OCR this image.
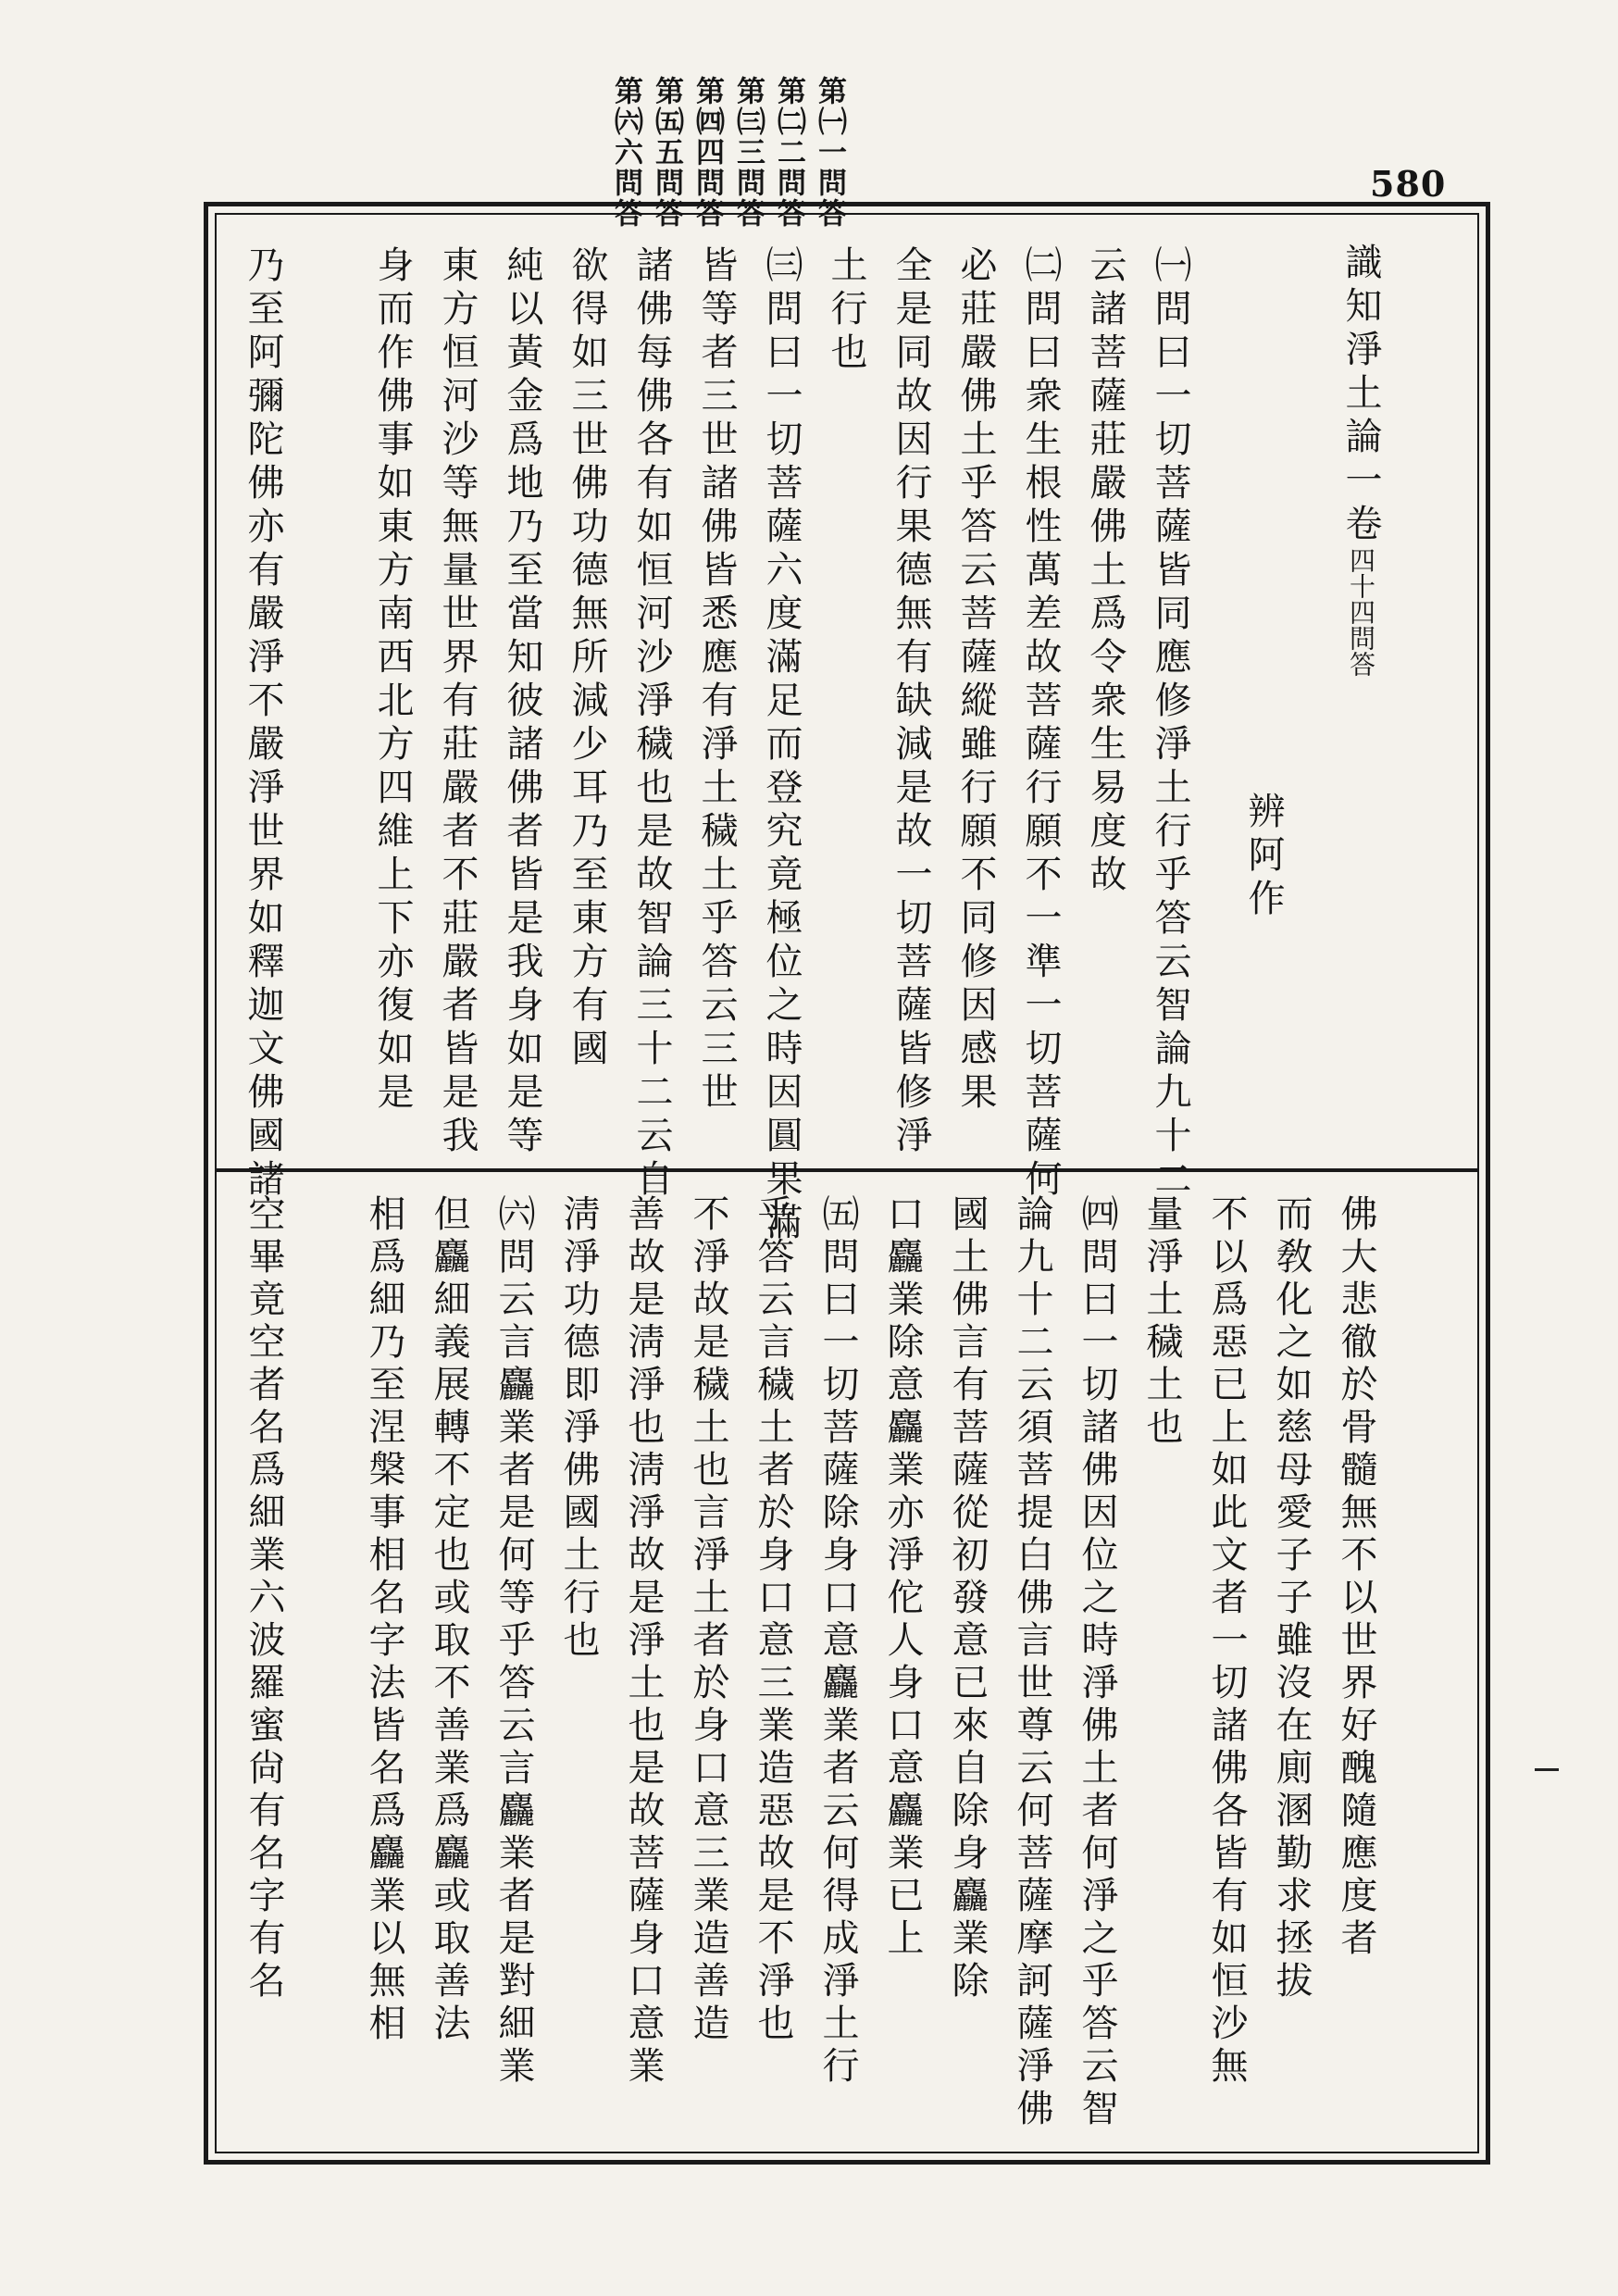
580
第㈠一問答
第㈡二問答
第㈢三問答
第㈣四問答
第㈤五問答
第㈥六問答
識知淨土論一卷四十四問答
辨阿作
㈠問曰一切菩薩皆同應修淨土行乎答云智論九十二
云諸菩薩莊嚴佛土爲令衆生易度故
㈡問曰衆生根性萬差故菩薩行願不一準一切菩薩何
必莊嚴佛土乎答云菩薩縱雖行願不同修因感果
全是同故因行果德無有缺減是故一切菩薩皆修淨
土行也
㈢問曰一切菩薩六度滿足而登究竟極位之時因圓果滿
皆等者三世諸佛皆悉應有淨土穢土乎答云三世
諸佛每佛各有如恒河沙淨穢也是故智論三十二云自
欲得如三世佛功德無所減少耳乃至東方有國
純以黃金爲地乃至當知彼諸佛者皆是我身如是等
東方恒河沙等無量世界有莊嚴者不莊嚴者皆是我
身而作佛事如東方南西北方四維上下亦復如是
乃至阿彌陀佛亦有嚴淨不嚴淨世界如釋迦文佛國諸
佛大悲徹於骨髓無不以世界好醜隨應度者
而敎化之如慈母愛子子雖沒在廁溷勤求拯拔
不以爲惡已上如此文者一切諸佛各皆有如恒沙無
量淨土穢土也
㈣問曰一切諸佛因位之時淨佛土者何淨之乎答云智
論九十二云須菩提白佛言世尊云何菩薩摩訶薩淨佛
國土佛言有菩薩從初發意已來自除身麤業除
口麤業除意麤業亦淨佗人身口意麤業已上
㈤問曰一切菩薩除身口意麤業者云何得成淨土行
乎答云言穢土者於身口意三業造惡故是不淨也
不淨故是穢土也言淨土者於身口意三業造善造
善故是淸淨也淸淨故是淨土也是故菩薩身口意業
淸淨功德即淨佛國土行也
㈥問云言麤業者是何等乎答云言麤業者是對細業
但麤細義展轉不定也或取不善業爲麤或取善法
相爲細乃至涅槃事相名字法皆名爲麤業以無相
空畢竟空者名爲細業六波羅蜜尙有名字有名
